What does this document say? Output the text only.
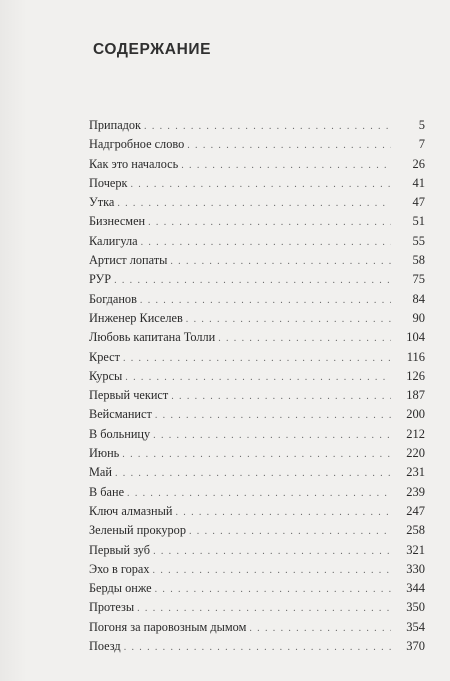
СОДЕРЖАНИЕ
Припадок . . .	5
Надгробное слово . . .	7
Как это началось . . .	26
Почерк . . .	41
Утка . . .	47
Бизнесмен . . .	51
Калигула . . .	55
Артист лопаты . . .	58
РУР . . .	75
Богданов . . .	84
Инженер Киселев . . .	90
Любовь капитана Толли . . .	104
Крест . . .	116
Курсы . . .	126
Первый чекист . . .	187
Вейсманист . . .	200
В больницу . . .	212
Июнь . . .	220
Май . . .	231
В бане . . .	239
Ключ алмазный . . .	247
Зеленый прокурор . . .	258
Первый зуб . . .	321
Эхо в горах . . .	330
Берды онже . . .	344
Протезы . . .	350
Погоня за паровозным дымом . . .	354
Поезд . . .	370
